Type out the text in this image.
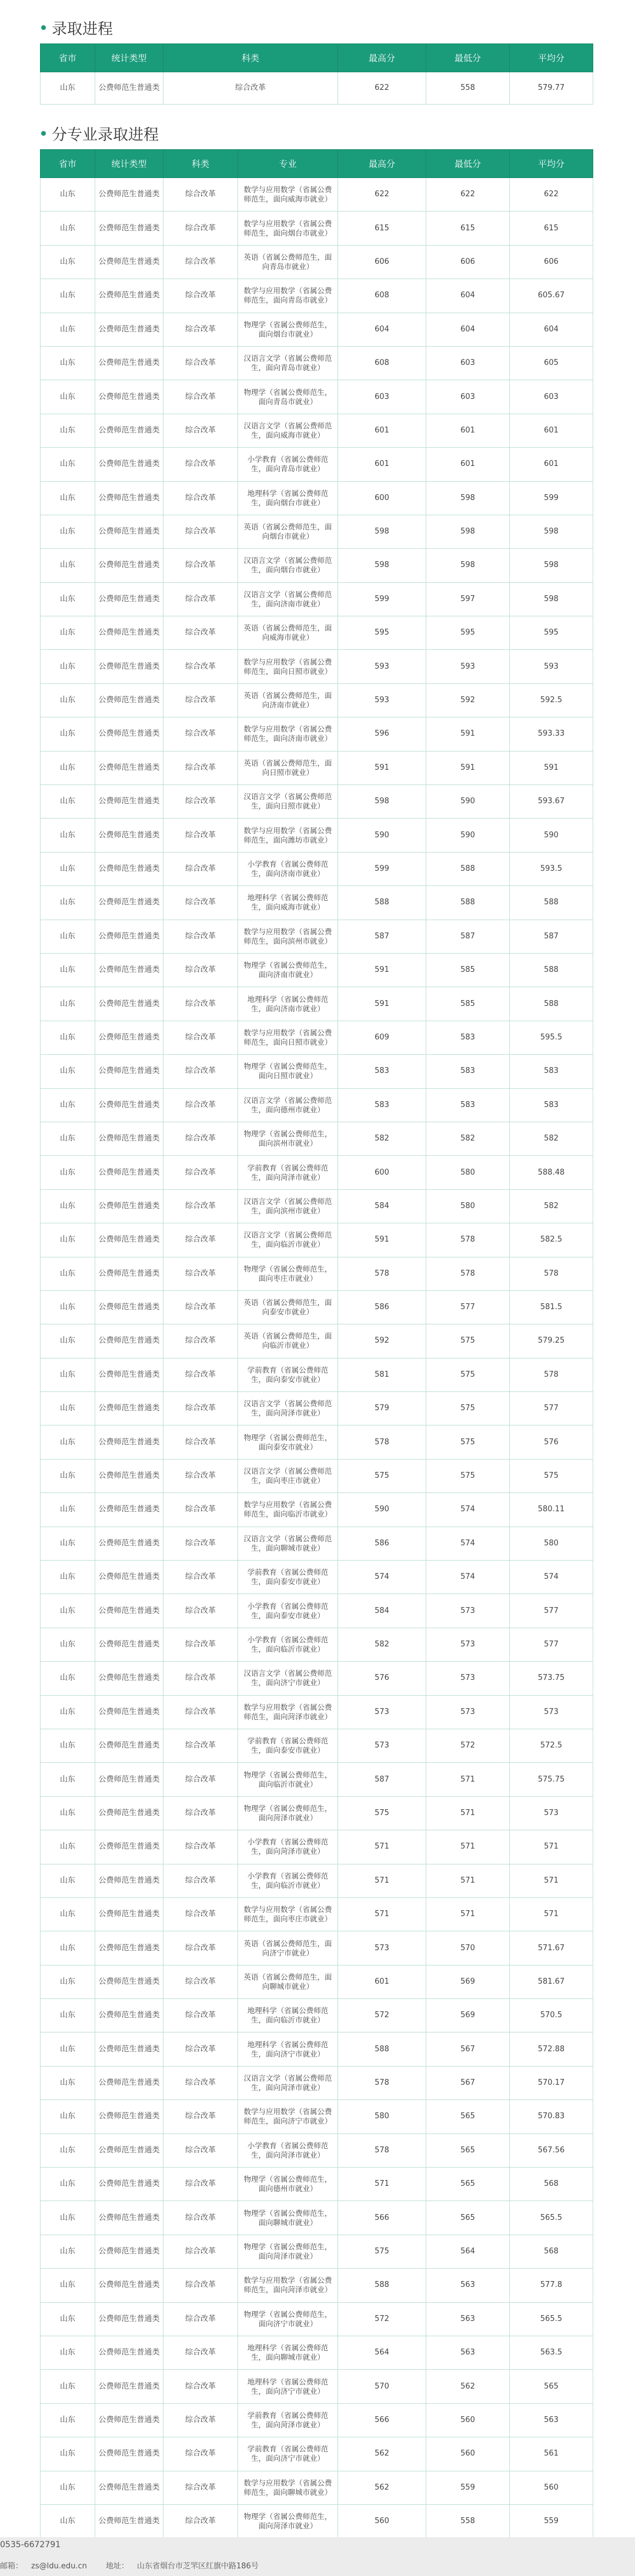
录取进程
省市	统计类型	科类	最高分	最低分	平均分
山东	公费师范生普通类	综合改革	622	558	579.77
分专业录取进程
省市	统计类型	科类	专业	最高分	最低分	平均分
山东	公费师范生普通类	综合改革	数学与应用数学（省属公费师范生，面向威海市就业）	622	622	622
山东	公费师范生普通类	综合改革	数学与应用数学（省属公费师范生，面向烟台市就业）	615	615	615
山东	公费师范生普通类	综合改革	英语（省属公费师范生，面向青岛市就业）	606	606	606
山东	公费师范生普通类	综合改革	数学与应用数学（省属公费师范生，面向青岛市就业）	608	604	605.67
山东	公费师范生普通类	综合改革	物理学（省属公费师范生，面向烟台市就业）	604	604	604
山东	公费师范生普通类	综合改革	汉语言文学（省属公费师范生，面向青岛市就业）	608	603	605
山东	公费师范生普通类	综合改革	物理学（省属公费师范生，面向青岛市就业）	603	603	603
山东	公费师范生普通类	综合改革	汉语言文学（省属公费师范生，面向威海市就业）	601	601	601
山东	公费师范生普通类	综合改革	小学教育（省属公费师范生，面向青岛市就业）	601	601	601
山东	公费师范生普通类	综合改革	地理科学（省属公费师范生，面向烟台市就业）	600	598	599
山东	公费师范生普通类	综合改革	英语（省属公费师范生，面向烟台市就业）	598	598	598
山东	公费师范生普通类	综合改革	汉语言文学（省属公费师范生，面向烟台市就业）	598	598	598
山东	公费师范生普通类	综合改革	汉语言文学（省属公费师范生，面向济南市就业）	599	597	598
山东	公费师范生普通类	综合改革	英语（省属公费师范生，面向威海市就业）	595	595	595
山东	公费师范生普通类	综合改革	数学与应用数学（省属公费师范生，面向日照市就业）	593	593	593
山东	公费师范生普通类	综合改革	英语（省属公费师范生，面向济南市就业）	593	592	592.5
山东	公费师范生普通类	综合改革	数学与应用数学（省属公费师范生，面向济南市就业）	596	591	593.33
山东	公费师范生普通类	综合改革	英语（省属公费师范生，面向日照市就业）	591	591	591
山东	公费师范生普通类	综合改革	汉语言文学（省属公费师范生，面向日照市就业）	598	590	593.67
山东	公费师范生普通类	综合改革	数学与应用数学（省属公费师范生，面向潍坊市就业）	590	590	590
山东	公费师范生普通类	综合改革	小学教育（省属公费师范生，面向济南市就业）	599	588	593.5
山东	公费师范生普通类	综合改革	地理科学（省属公费师范生，面向威海市就业）	588	588	588
山东	公费师范生普通类	综合改革	数学与应用数学（省属公费师范生，面向滨州市就业）	587	587	587
山东	公费师范生普通类	综合改革	物理学（省属公费师范生，面向济南市就业）	591	585	588
山东	公费师范生普通类	综合改革	地理科学（省属公费师范生，面向济南市就业）	591	585	588
山东	公费师范生普通类	综合改革	数学与应用数学（省属公费师范生，面向日照市就业）	609	583	595.5
山东	公费师范生普通类	综合改革	物理学（省属公费师范生，面向日照市就业）	583	583	583
山东	公费师范生普通类	综合改革	汉语言文学（省属公费师范生，面向德州市就业）	583	583	583
山东	公费师范生普通类	综合改革	物理学（省属公费师范生，面向滨州市就业）	582	582	582
山东	公费师范生普通类	综合改革	学前教育（省属公费师范生，面向菏泽市就业）	600	580	588.48
山东	公费师范生普通类	综合改革	汉语言文学（省属公费师范生，面向滨州市就业）	584	580	582
山东	公费师范生普通类	综合改革	汉语言文学（省属公费师范生，面向临沂市就业）	591	578	582.5
山东	公费师范生普通类	综合改革	物理学（省属公费师范生，面向枣庄市就业）	578	578	578
山东	公费师范生普通类	综合改革	英语（省属公费师范生，面向泰安市就业）	586	577	581.5
山东	公费师范生普通类	综合改革	英语（省属公费师范生，面向临沂市就业）	592	575	579.25
山东	公费师范生普通类	综合改革	学前教育（省属公费师范生，面向泰安市就业）	581	575	578
山东	公费师范生普通类	综合改革	汉语言文学（省属公费师范生，面向菏泽市就业）	579	575	577
山东	公费师范生普通类	综合改革	物理学（省属公费师范生，面向泰安市就业）	578	575	576
山东	公费师范生普通类	综合改革	汉语言文学（省属公费师范生，面向枣庄市就业）	575	575	575
山东	公费师范生普通类	综合改革	数学与应用数学（省属公费师范生，面向临沂市就业）	590	574	580.11
山东	公费师范生普通类	综合改革	汉语言文学（省属公费师范生，面向聊城市就业）	586	574	580
山东	公费师范生普通类	综合改革	学前教育（省属公费师范生，面向泰安市就业）	574	574	574
山东	公费师范生普通类	综合改革	小学教育（省属公费师范生，面向泰安市就业）	584	573	577
山东	公费师范生普通类	综合改革	小学教育（省属公费师范生，面向临沂市就业）	582	573	577
山东	公费师范生普通类	综合改革	汉语言文学（省属公费师范生，面向济宁市就业）	576	573	573.75
山东	公费师范生普通类	综合改革	数学与应用数学（省属公费师范生，面向菏泽市就业）	573	573	573
山东	公费师范生普通类	综合改革	学前教育（省属公费师范生，面向泰安市就业）	573	572	572.5
山东	公费师范生普通类	综合改革	物理学（省属公费师范生，面向临沂市就业）	587	571	575.75
山东	公费师范生普通类	综合改革	物理学（省属公费师范生，面向菏泽市就业）	575	571	573
山东	公费师范生普通类	综合改革	小学教育（省属公费师范生，面向菏泽市就业）	571	571	571
山东	公费师范生普通类	综合改革	小学教育（省属公费师范生，面向临沂市就业）	571	571	571
山东	公费师范生普通类	综合改革	数学与应用数学（省属公费师范生，面向枣庄市就业）	571	571	571
山东	公费师范生普通类	综合改革	英语（省属公费师范生，面向济宁市就业）	573	570	571.67
山东	公费师范生普通类	综合改革	英语（省属公费师范生，面向聊城市就业）	601	569	581.67
山东	公费师范生普通类	综合改革	地理科学（省属公费师范生，面向临沂市就业）	572	569	570.5
山东	公费师范生普通类	综合改革	地理科学（省属公费师范生，面向济宁市就业）	588	567	572.88
山东	公费师范生普通类	综合改革	汉语言文学（省属公费师范生，面向菏泽市就业）	578	567	570.17
山东	公费师范生普通类	综合改革	数学与应用数学（省属公费师范生，面向济宁市就业）	580	565	570.83
山东	公费师范生普通类	综合改革	小学教育（省属公费师范生，面向菏泽市就业）	578	565	567.56
山东	公费师范生普通类	综合改革	物理学（省属公费师范生，面向德州市就业）	571	565	568
山东	公费师范生普通类	综合改革	物理学（省属公费师范生，面向聊城市就业）	566	565	565.5
山东	公费师范生普通类	综合改革	物理学（省属公费师范生，面向菏泽市就业）	575	564	568
山东	公费师范生普通类	综合改革	数学与应用数学（省属公费师范生，面向菏泽市就业）	588	563	577.8
山东	公费师范生普通类	综合改革	物理学（省属公费师范生，面向济宁市就业）	572	563	565.5
山东	公费师范生普通类	综合改革	地理科学（省属公费师范生，面向聊城市就业）	564	563	563.5
山东	公费师范生普通类	综合改革	地理科学（省属公费师范生，面向济宁市就业）	570	562	565
山东	公费师范生普通类	综合改革	学前教育（省属公费师范生，面向菏泽市就业）	566	560	563
山东	公费师范生普通类	综合改革	学前教育（省属公费师范生，面向济宁市就业）	562	560	561
山东	公费师范生普通类	综合改革	数学与应用数学（省属公费师范生，面向聊城市就业）	562	559	560
山东	公费师范生普通类	综合改革	物理学（省属公费师范生，面向菏泽市就业）	560	558	559
0535-6672791
邮箱： zs@ldu.edu.cn 地址： 山东省烟台市芝罘区红旗中路186号
